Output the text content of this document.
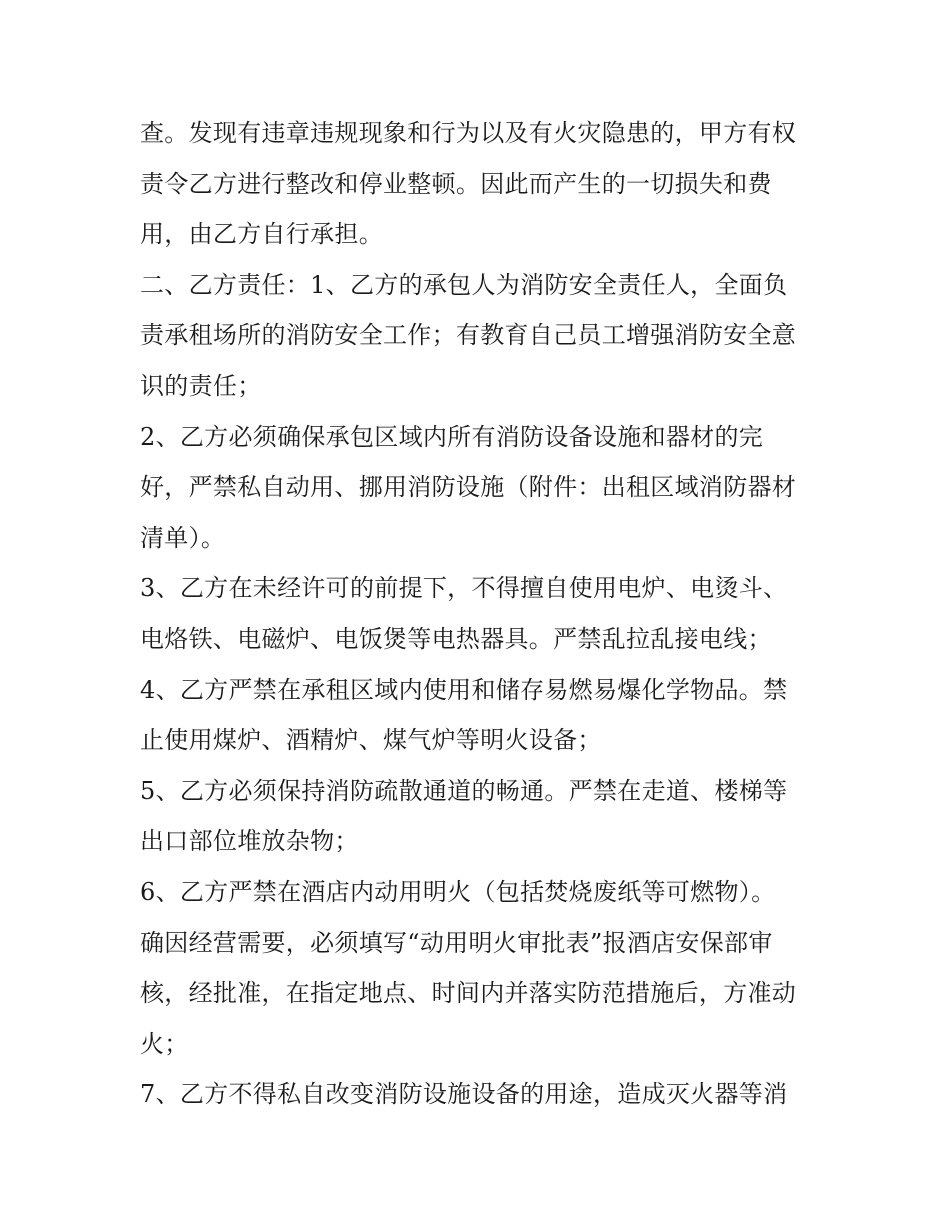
查。发现有违章违规现象和行为以及有火灾隐患的，甲方有权
责令乙方进行整改和停业整顿。因此而产生的一切损失和费
用，由乙方自行承担。
二、乙方责任：1、乙方的承包人为消防安全责任人，全面负
责承租场所的消防安全工作；有教育自己员工增强消防安全意
识的责任；
2、乙方必须确保承包区域内所有消防设备设施和器材的完
好，严禁私自动用、挪用消防设施（附件：出租区域消防器材
清单）。
3、乙方在未经许可的前提下，不得擅自使用电炉、电烫斗、
电烙铁、电磁炉、电饭煲等电热器具。严禁乱拉乱接电线；
4、乙方严禁在承租区域内使用和储存易燃易爆化学物品。禁
止使用煤炉、酒精炉、煤气炉等明火设备；
5、乙方必须保持消防疏散通道的畅通。严禁在走道、楼梯等
出口部位堆放杂物；
6、乙方严禁在酒店内动用明火（包括焚烧废纸等可燃物）。
确因经营需要，必须填写“动用明火审批表”报酒店安保部审
核，经批准，在指定地点、时间内并落实防范措施后，方准动
火；
7、乙方不得私自改变消防设施设备的用途，造成灭火器等消
